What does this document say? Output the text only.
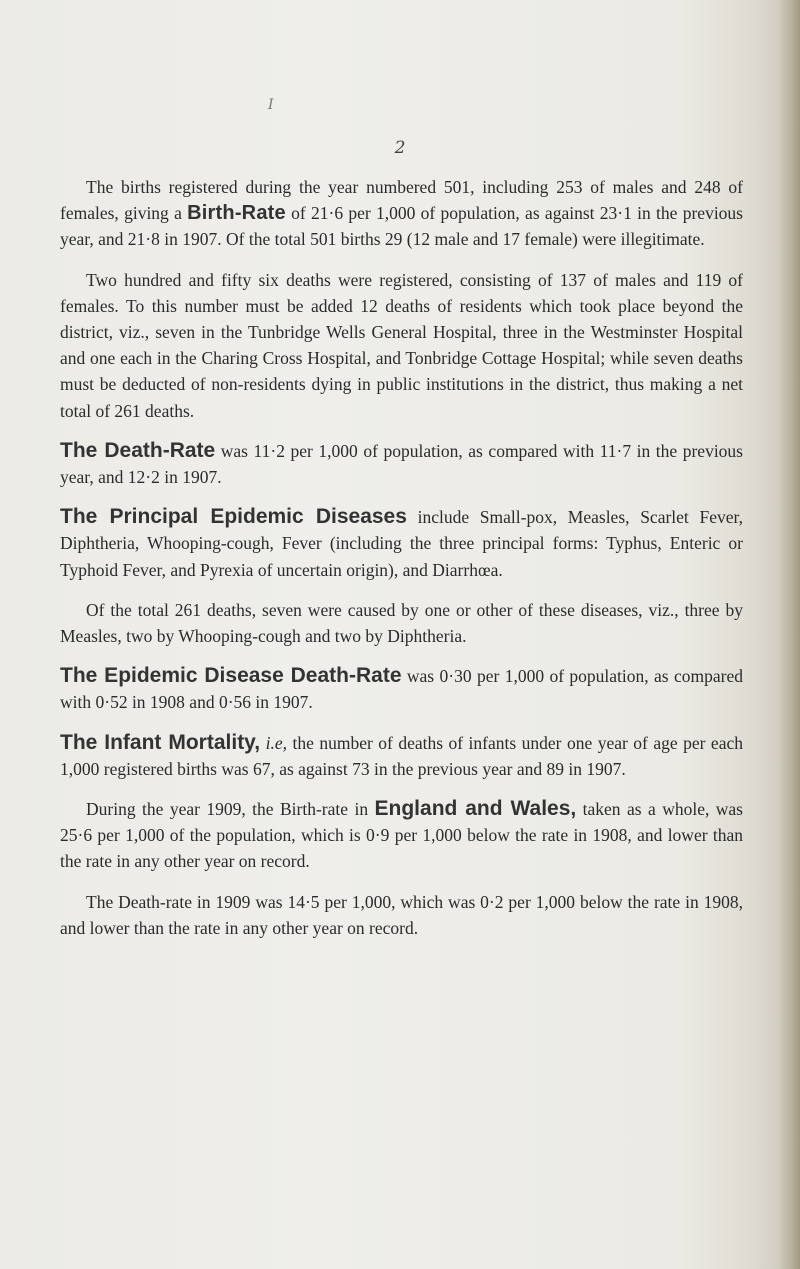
I
2

The births registered during the year numbered 501, including 253 of males and 248 of females, giving a Birth-Rate of 21·6 per 1,000 of population, as against 23·1 in the previous year, and 21·8 in 1907. Of the total 501 births 29 (12 male and 17 female) were illegitimate.

Two hundred and fifty six deaths were registered, consisting of 137 of males and 119 of females. To this number must be added 12 deaths of residents which took place beyond the district, viz., seven in the Tunbridge Wells General Hospital, three in the Westminster Hospital and one each in the Charing Cross Hospital, and Tonbridge Cottage Hospital; while seven deaths must be deducted of non-residents dying in public institutions in the district, thus making a net total of 261 deaths.

The Death-Rate was 11·2 per 1,000 of population, as compared with 11·7 in the previous year, and 12·2 in 1907.

The Principal Epidemic Diseases include Small-pox, Measles, Scarlet Fever, Diphtheria, Whooping-cough, Fever (including the three principal forms: Typhus, Enteric or Typhoid Fever, and Pyrexia of uncertain origin), and Diarrhœa.

Of the total 261 deaths, seven were caused by one or other of these diseases, viz., three by Measles, two by Whooping-cough and two by Diphtheria.

The Epidemic Disease Death-Rate was 0·30 per 1,000 of population, as compared with 0·52 in 1908 and 0·56 in 1907.

The Infant Mortality, i.e, the number of deaths of infants under one year of age per each 1,000 registered births was 67, as against 73 in the previous year and 89 in 1907.

During the year 1909, the Birth-rate in England and Wales, taken as a whole, was 25·6 per 1,000 of the population, which is 0·9 per 1,000 below the rate in 1908, and lower than the rate in any other year on record.

The Death-rate in 1909 was 14·5 per 1,000, which was 0·2 per 1,000 below the rate in 1908, and lower than the rate in any other year on record.
